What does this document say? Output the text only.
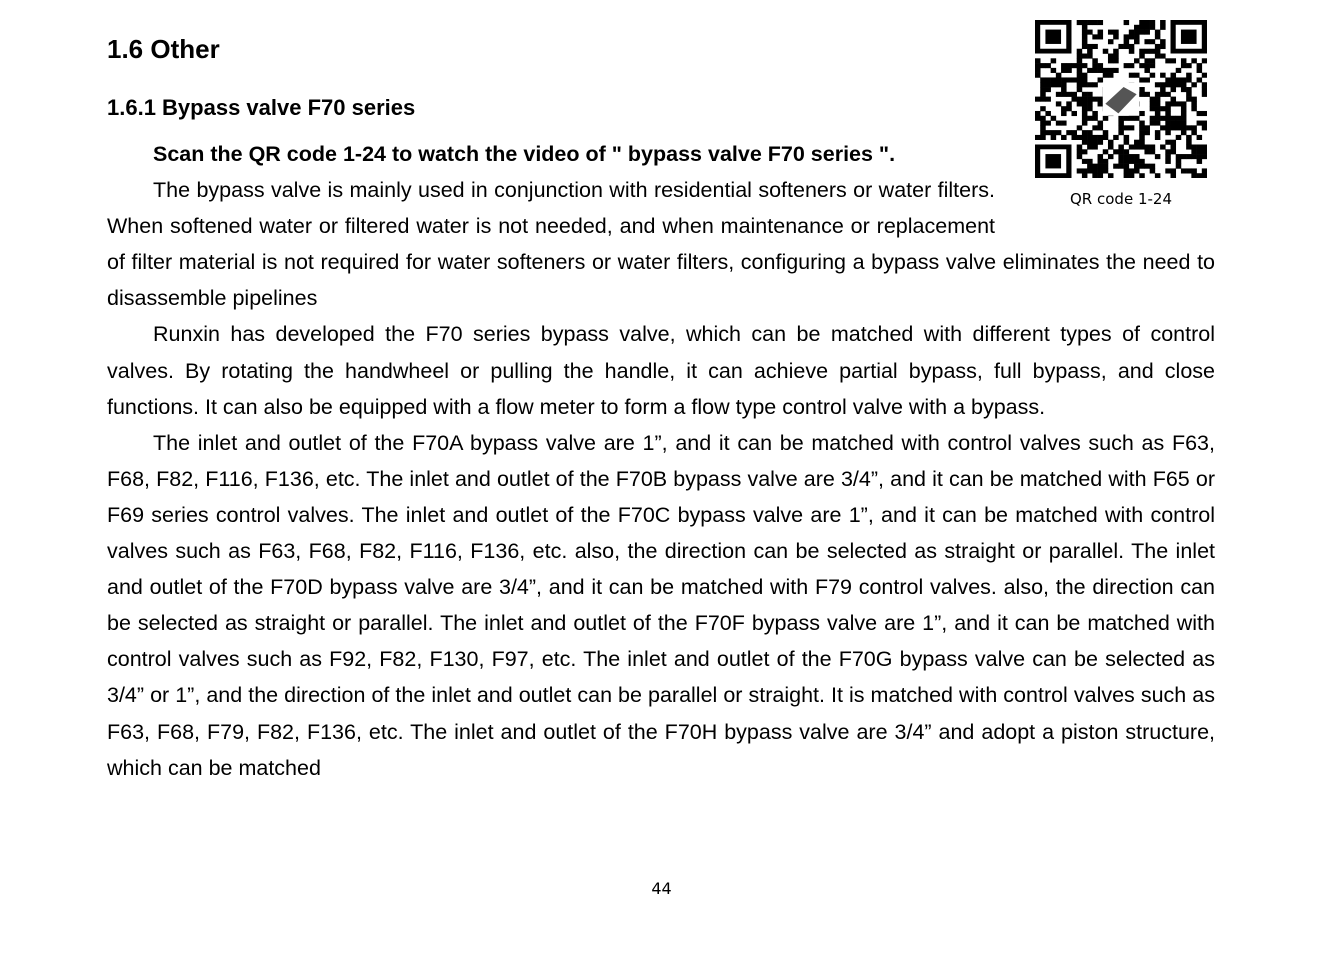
1.6 Other
1.6.1 Bypass valve F70 series
QR code 1-24

Scan the QR code 1-24 to watch the video of " bypass valve F70 series ".

The bypass valve is mainly used in conjunction with residential softeners or water filters. When softened water or filtered water is not needed, and when maintenance or replacement of filter material is not required for water softeners or water filters, configuring a bypass valve eliminates the need to disassemble pipelines

Runxin has developed the F70 series bypass valve, which can be matched with different types of control valves. By rotating the handwheel or pulling the handle, it can achieve partial bypass, full bypass, and close functions. It can also be equipped with a flow meter to form a flow type control valve with a bypass.

The inlet and outlet of the F70A bypass valve are 1”, and it can be matched with control valves such as F63, F68, F82, F116, F136, etc. The inlet and outlet of the F70B bypass valve are 3/4”, and it can be matched with F65 or F69 series control valves. The inlet and outlet of the F70C bypass valve are 1”, and it can be matched with control valves such as F63, F68, F82, F116, F136, etc. also, the direction can be selected as straight or parallel. The inlet and outlet of the F70D bypass valve are 3/4”, and it can be matched with F79 control valves. also, the direction can be selected as straight or parallel. The inlet and outlet of the F70F bypass valve are 1”, and it can be matched with control valves such as F92, F82, F130, F97, etc. The inlet and outlet of the F70G bypass valve can be selected as 3/4” or 1”, and the direction of the inlet and outlet can be parallel or straight. It is matched with control valves such as F63, F68, F79, F82, F136, etc. The inlet and outlet of the F70H bypass valve are 3/4” and adopt a piston structure, which can be matched

44
